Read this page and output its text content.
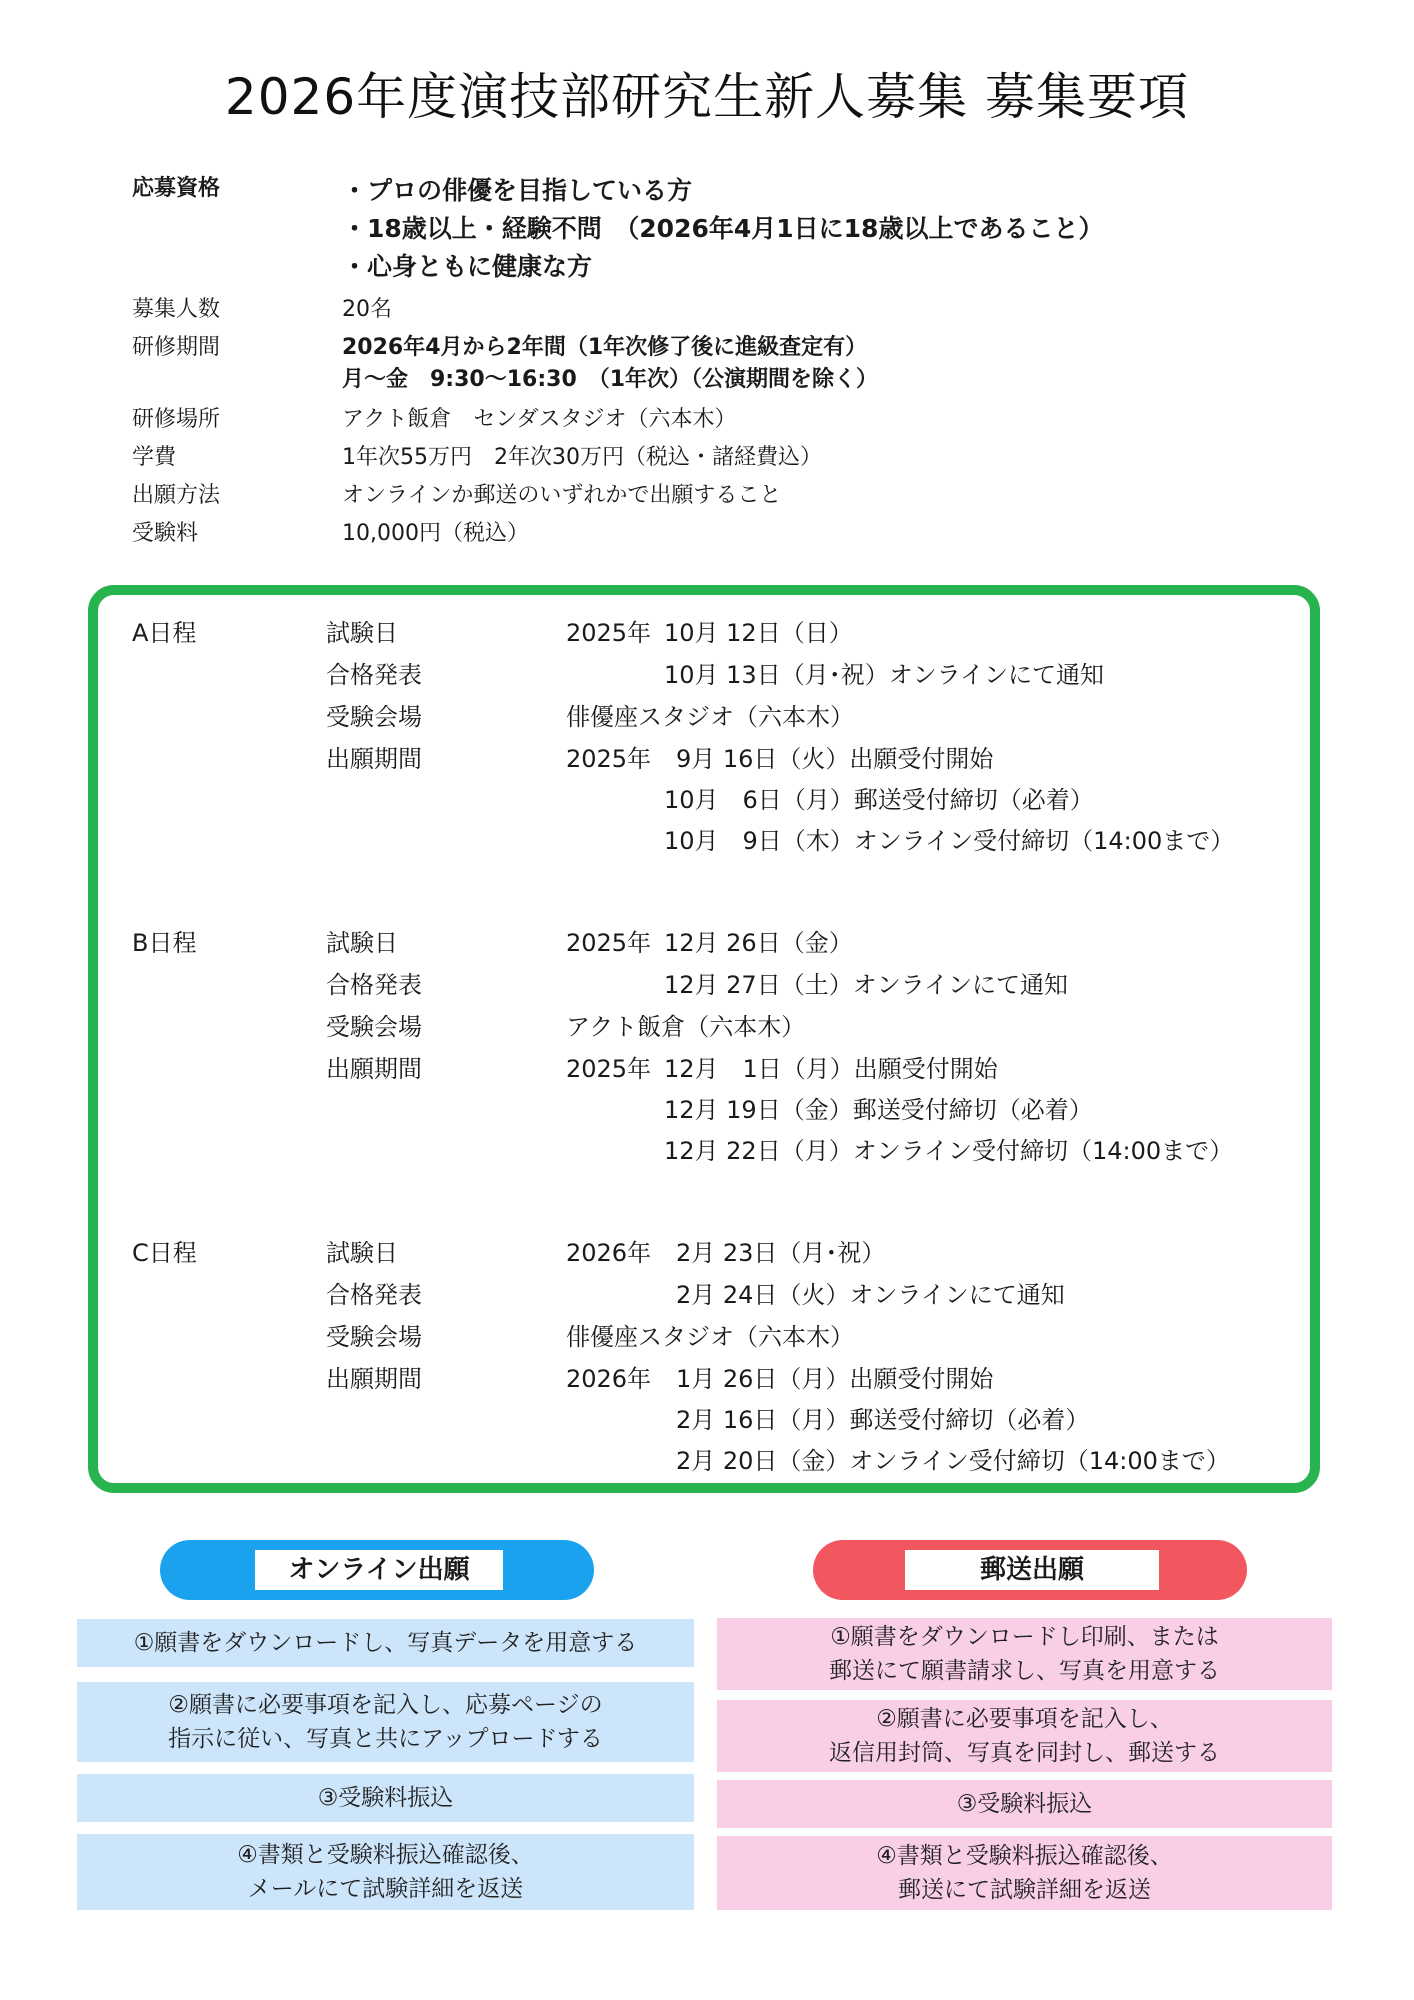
2026年度演技部研究生新人募集 募集要項
応募資格	・プロの俳優を目指している方
・18歳以上・経験不問　（2026年4月1日に18歳以上であること）
・心身ともに健康な方
募集人数	20名
研修期間	2026年4月から2年間（1年次修了後に進級査定有）
月〜金　9:30〜16:30　（1年次）（公演期間を除く）
研修場所	アクト飯倉　センダスタジオ（六本木）
学費	1年次55万円　2年次30万円（税込・諸経費込）
出願方法	オンラインか郵送のいずれかで出願すること
受験料	10,000円（税込）
A日程	試験日	2025年 10月 12日（日）
合格発表	10月 13日（月･祝）オンラインにて通知
受験会場	俳優座スタジオ（六本木）
出願期間	2025年 9月 16日（火）出願受付開始
10月　6日（月）郵送受付締切（必着）
10月　9日（木）オンライン受付締切（14:00まで）
B日程	試験日	2025年 12月 26日（金）
合格発表	12月 27日（土）オンラインにて通知
受験会場	アクト飯倉（六本木）
出願期間	2025年 12月　1日（月）出願受付開始
12月 19日（金）郵送受付締切（必着）
12月 22日（月）オンライン受付締切（14:00まで）
C日程	試験日	2026年 2月 23日（月･祝）
合格発表	2月 24日（火）オンラインにて通知
受験会場	俳優座スタジオ（六本木）
出願期間	2026年 1月 26日（月）出願受付開始
2月 16日（月）郵送受付締切（必着）
2月 20日（金）オンライン受付締切（14:00まで）
オンライン出願
①願書をダウンロードし、写真データを用意する
②願書に必要事項を記入し、応募ページの
指示に従い、写真と共にアップロードする
③受験料振込
④書類と受験料振込確認後、
メールにて試験詳細を返送
郵送出願
①願書をダウンロードし印刷、または
郵送にて願書請求し、写真を用意する
②願書に必要事項を記入し、
返信用封筒、写真を同封し、郵送する
③受験料振込
④書類と受験料振込確認後、
郵送にて試験詳細を返送
